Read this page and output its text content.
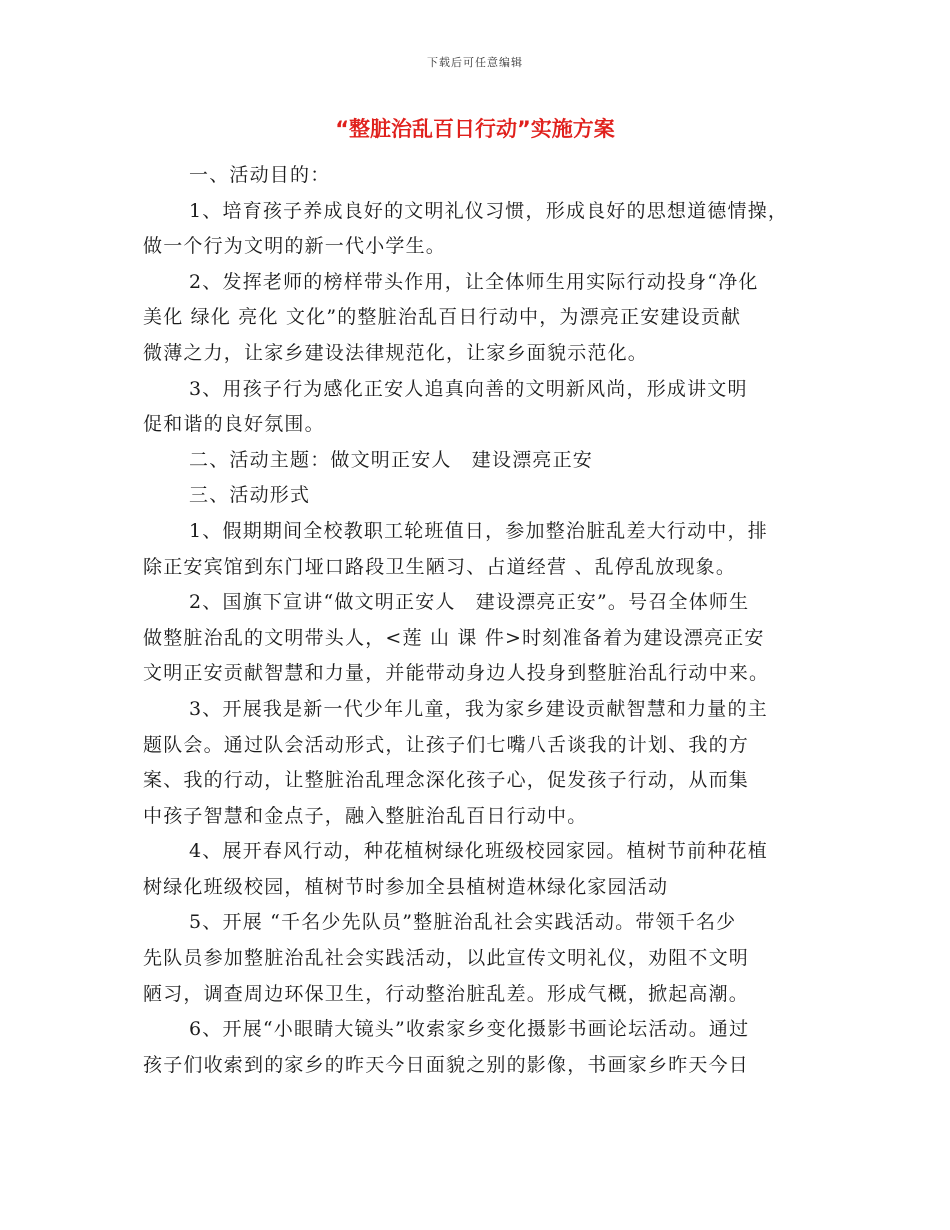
下载后可任意编辑
“整脏治乱百日行动”实施方案
一、活动目的：
1、培育孩子养成良好的文明礼仪习惯，形成良好的思想道德情操，
做一个行为文明的新一代小学生。
2、发挥老师的榜样带头作用，让全体师生用实际行动投身“净化
美化 绿化 亮化 文化”的整脏治乱百日行动中，为漂亮正安建设贡献
微薄之力，让家乡建设法律规范化，让家乡面貌示范化。
3、用孩子行为感化正安人追真向善的文明新风尚，形成讲文明
促和谐的良好氛围。
二、活动主题：做文明正安人　建设漂亮正安
三、活动形式
1、假期期间全校教职工轮班值日，参加整治脏乱差大行动中，排
除正安宾馆到东门垭口路段卫生陋习、占道经营 、乱停乱放现象。
2、国旗下宣讲“做文明正安人　建设漂亮正安”。号召全体师生
做整脏治乱的文明带头人，<莲 山 课 件>时刻准备着为建设漂亮正安
文明正安贡献智慧和力量，并能带动身边人投身到整脏治乱行动中来。
3、开展我是新一代少年儿童，我为家乡建设贡献智慧和力量的主
题队会。通过队会活动形式，让孩子们七嘴八舌谈我的计划、我的方
案、我的行动，让整脏治乱理念深化孩子心，促发孩子行动，从而集
中孩子智慧和金点子，融入整脏治乱百日行动中。
4、展开春风行动，种花植树绿化班级校园家园。植树节前种花植
树绿化班级校园，植树节时参加全县植树造林绿化家园活动
5、开展 “千名少先队员”整脏治乱社会实践活动。带领千名少
先队员参加整脏治乱社会实践活动，以此宣传文明礼仪，劝阻不文明
陋习，调查周边环保卫生，行动整治脏乱差。形成气概，掀起高潮。
6、开展“小眼睛大镜头”收索家乡变化摄影书画论坛活动。通过
孩子们收索到的家乡的昨天今日面貌之别的影像，书画家乡昨天今日
